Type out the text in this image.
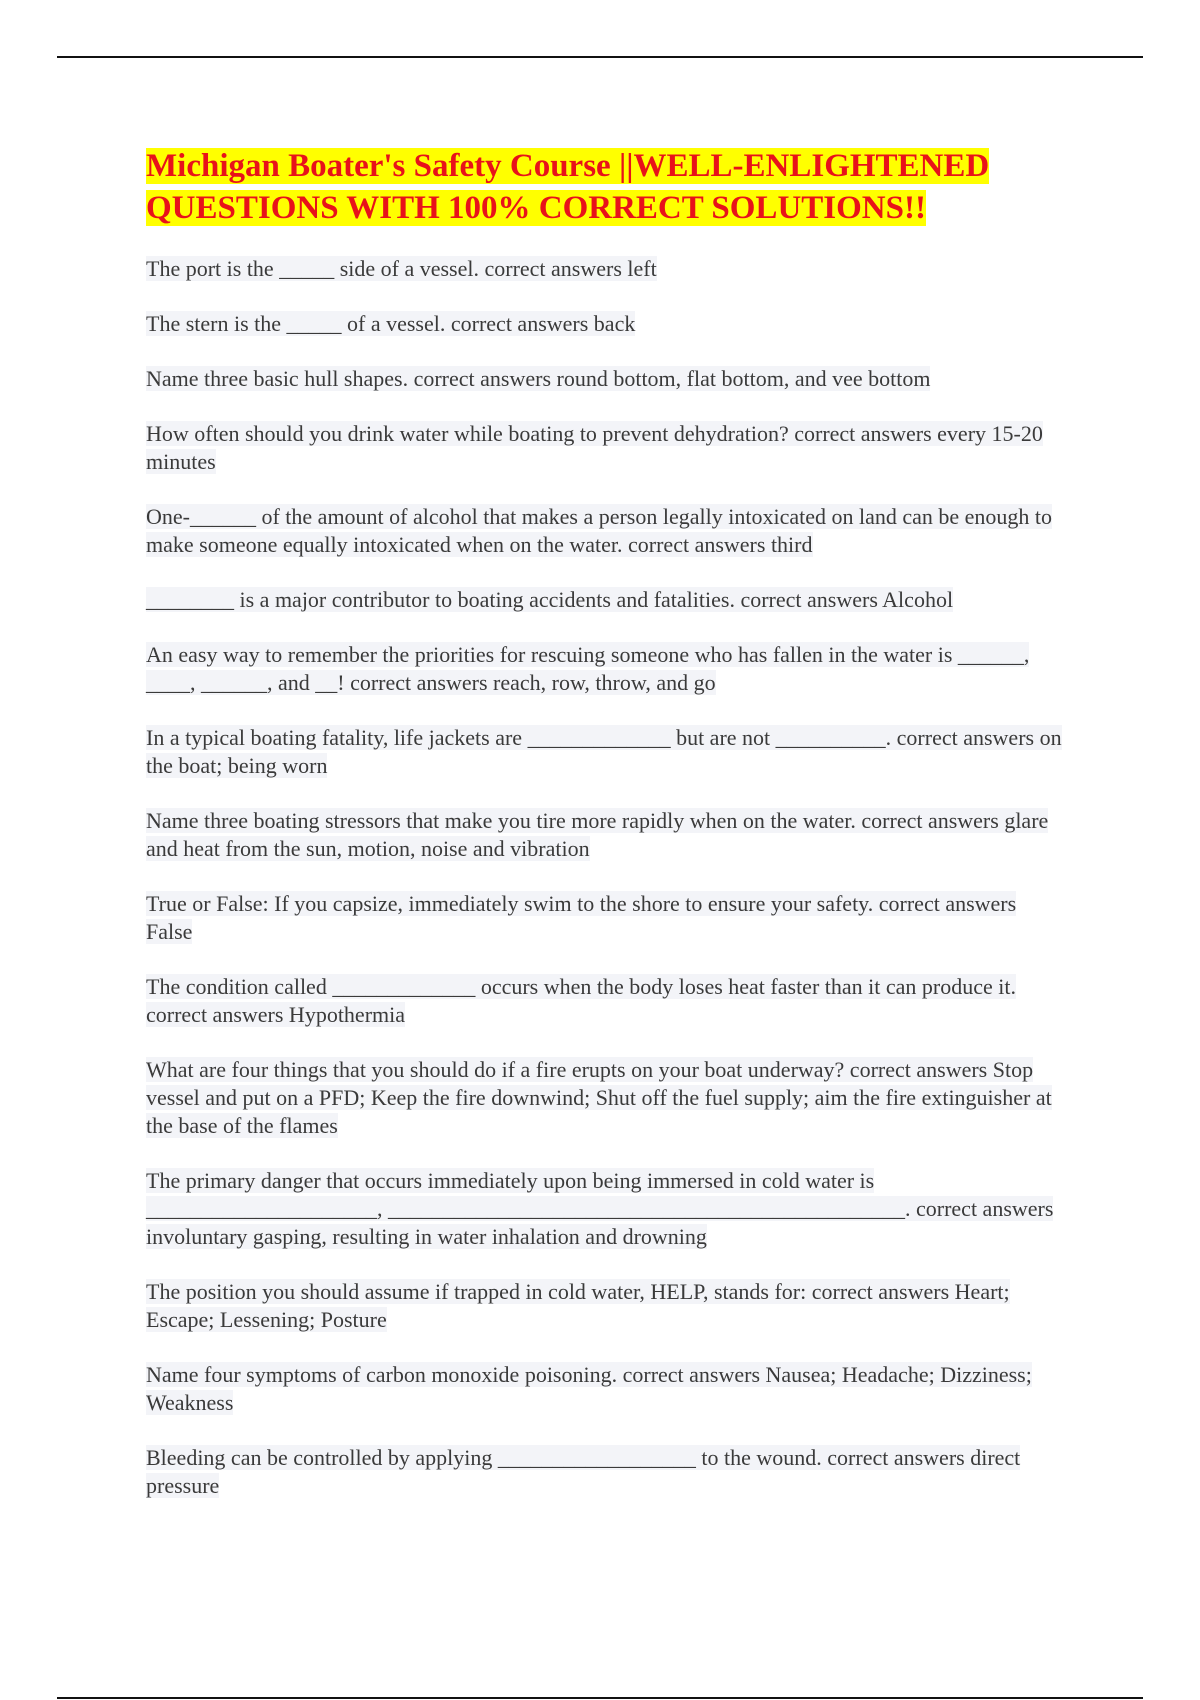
Michigan Boater's Safety Course ||WELL-ENLIGHTENED QUESTIONS WITH 100% CORRECT SOLUTIONS!!

The port is the _____ side of a vessel. correct answers left

The stern is the _____ of a vessel. correct answers back

Name three basic hull shapes. correct answers round bottom, flat bottom, and vee bottom

How often should you drink water while boating to prevent dehydration? correct answers every 15-20 minutes

One-______ of the amount of alcohol that makes a person legally intoxicated on land can be enough to make someone equally intoxicated when on the water. correct answers third

________ is a major contributor to boating accidents and fatalities. correct answers Alcohol

An easy way to remember the priorities for rescuing someone who has fallen in the water is ______, ____, ______, and __! correct answers reach, row, throw, and go

In a typical boating fatality, life jackets are _____________ but are not __________. correct answers on the boat; being worn

Name three boating stressors that make you tire more rapidly when on the water. correct answers glare and heat from the sun, motion, noise and vibration

True or False: If you capsize, immediately swim to the shore to ensure your safety. correct answers False

The condition called _____________ occurs when the body loses heat faster than it can produce it. correct answers Hypothermia

What are four things that you should do if a fire erupts on your boat underway? correct answers Stop vessel and put on a PFD; Keep the fire downwind; Shut off the fuel supply; aim the fire extinguisher at the base of the flames

The primary danger that occurs immediately upon being immersed in cold water is _____________________, _______________________________________________. correct answers involuntary gasping, resulting in water inhalation and drowning

The position you should assume if trapped in cold water, HELP, stands for: correct answers Heart; Escape; Lessening; Posture

Name four symptoms of carbon monoxide poisoning. correct answers Nausea; Headache; Dizziness; Weakness

Bleeding can be controlled by applying __________________ to the wound. correct answers direct pressure
